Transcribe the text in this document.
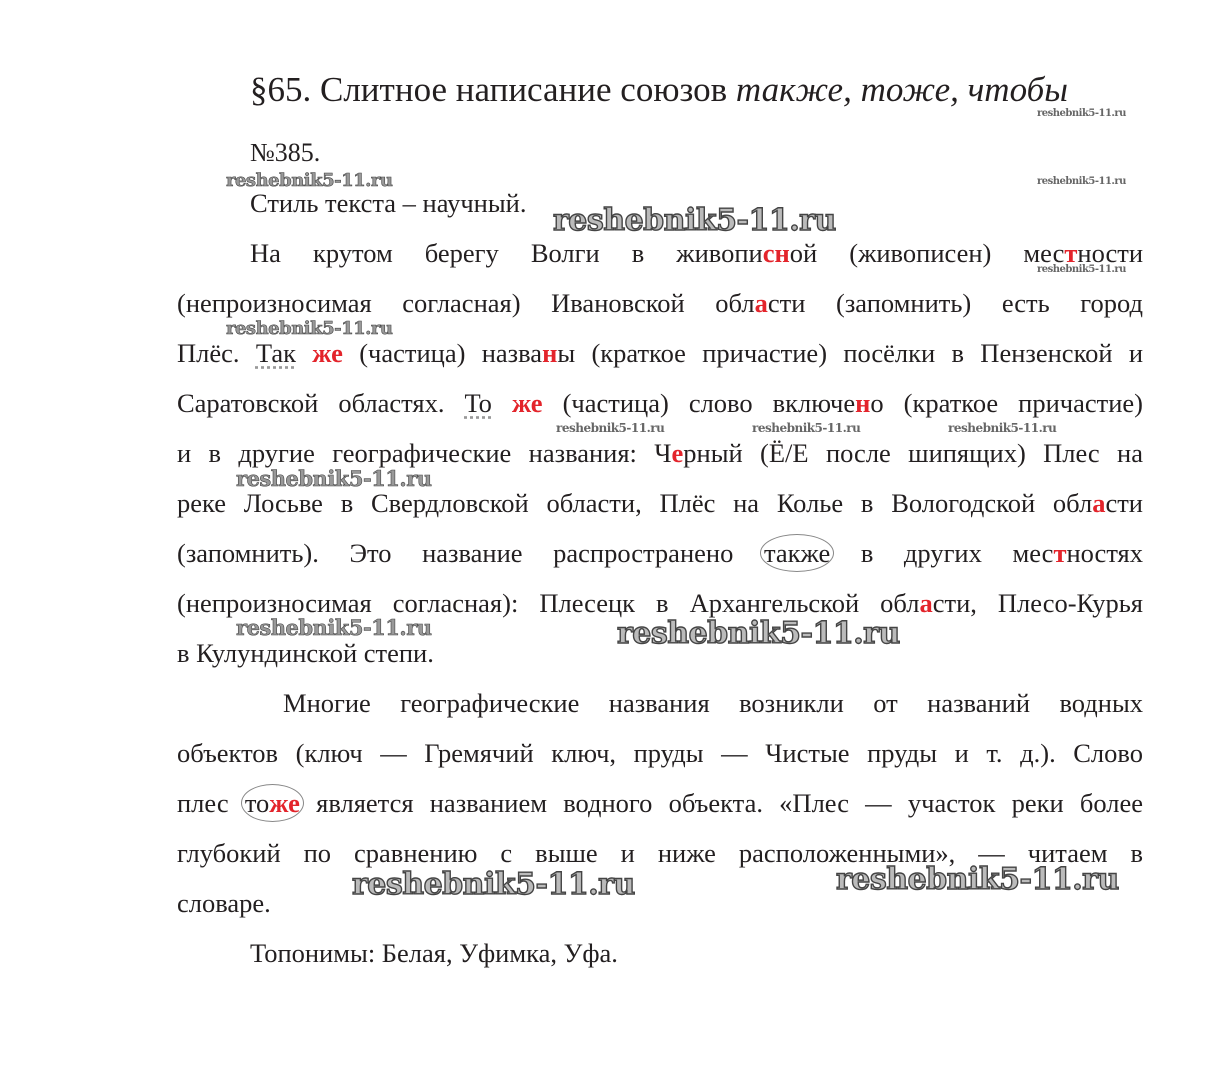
§65. Слитное написание союзов также, тоже, чтобы
№385.
Стиль текста – научный.
На крутом берегу Волги в живописной (живописен) местности
(непроизносимая согласная) Ивановской области (запомнить) есть город
Плёс. Так же (частица) названы (краткое причастие) посёлки в Пензенской и
Саратовской областях. То же (частица) слово включено (краткое причастие)
и в другие географические названия: Черный (Ё/Е после шипящих) Плес на
реке Лосьве в Свердловской области, Плёс на Колье в Вологодской области
(запомнить). Это название распространено также в других местностях
(непроизносимая согласная): Плесецк в Архангельской области, Плесо-Курья
в Кулундинской степи.
Многие географические названия возникли от названий водных
объектов (ключ — Гремячий ключ, пруды — Чистые пруды и т. д.). Слово
плес тоже является названием водного объекта. «Плес — участок реки более
глубокий по сравнению с выше и ниже расположенными», — читаем в
словаре.
Топонимы: Белая, Уфимка, Уфа.
reshebnik5-11.ru
reshebnik5-11.ru	reshebnik5-11.ru
reshebnik5-11.ru
reshebnik5-11.ru
reshebnik5-11.ru
reshebnik5-11.ru	reshebnik5-11.ru	reshebnik5-11.ru
reshebnik5-11.ru
reshebnik5-11.ru	reshebnik5-11.ru
reshebnik5-11.ru	reshebnik5-11.ru
